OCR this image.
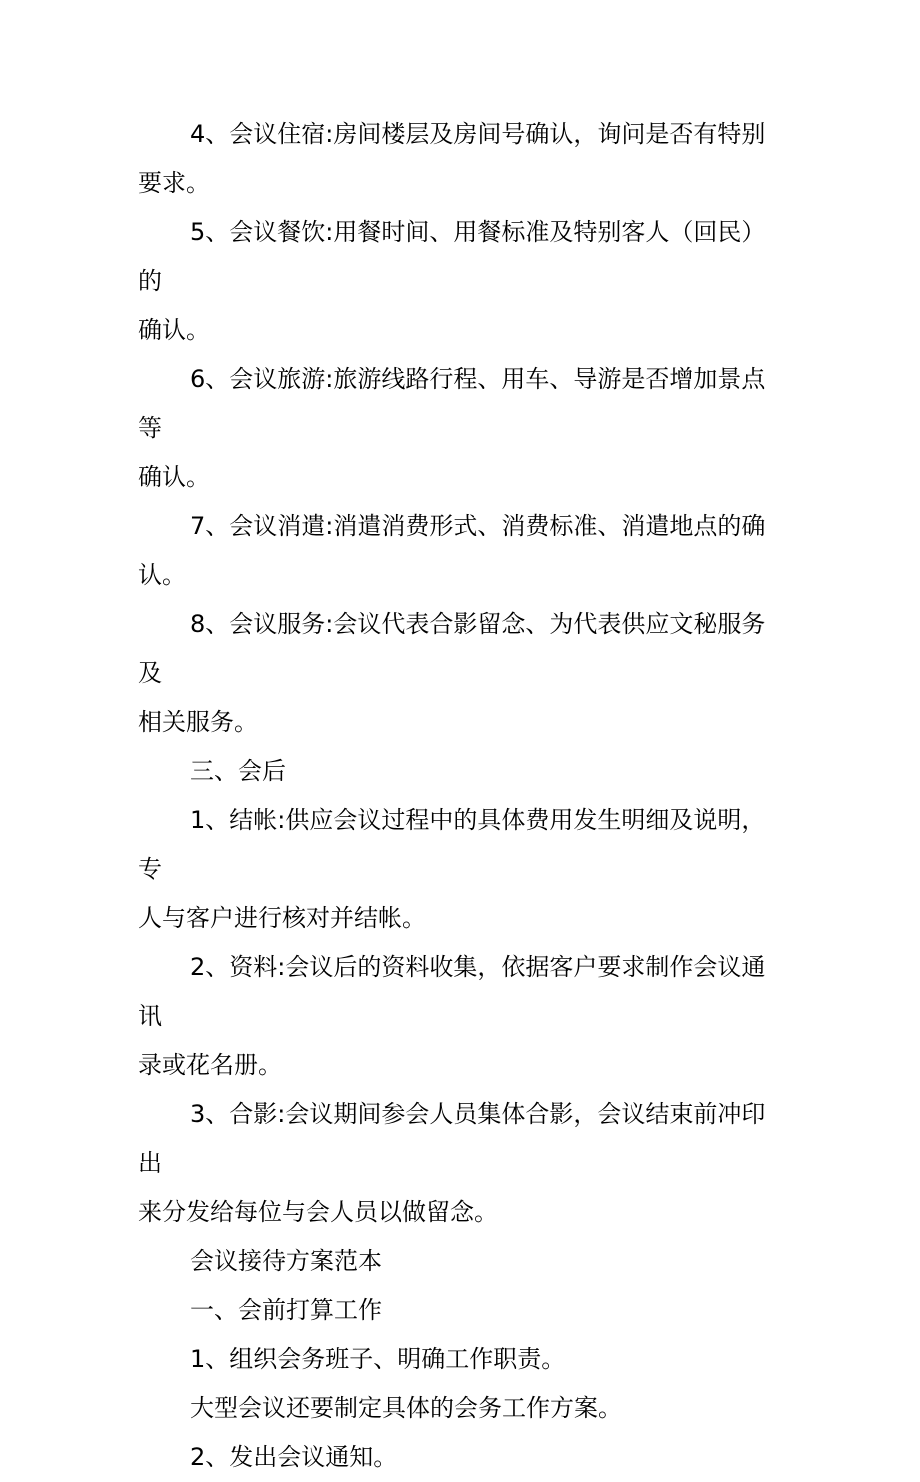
4、会议住宿:房间楼层及房间号确认，询问是否有特别
要求。

5、会议餐饮:用餐时间、用餐标准及特别客人（回民）的
确认。

6、会议旅游:旅游线路行程、用车、导游是否增加景点等
确认。

7、会议消遣:消遣消费形式、消费标准、消遣地点的确认。

8、会议服务:会议代表合影留念、为代表供应文秘服务及
相关服务。

三、会后

1、结帐:供应会议过程中的具体费用发生明细及说明，专
人与客户进行核对并结帐。

2、资料:会议后的资料收集，依据客户要求制作会议通讯
录或花名册。

3、合影:会议期间参会人员集体合影，会议结束前冲印出
来分发给每位与会人员以做留念。

会议接待方案范本

一、会前打算工作

1、组织会务班子、明确工作职责。

大型会议还要制定具体的会务工作方案。

2、发出会议通知。
